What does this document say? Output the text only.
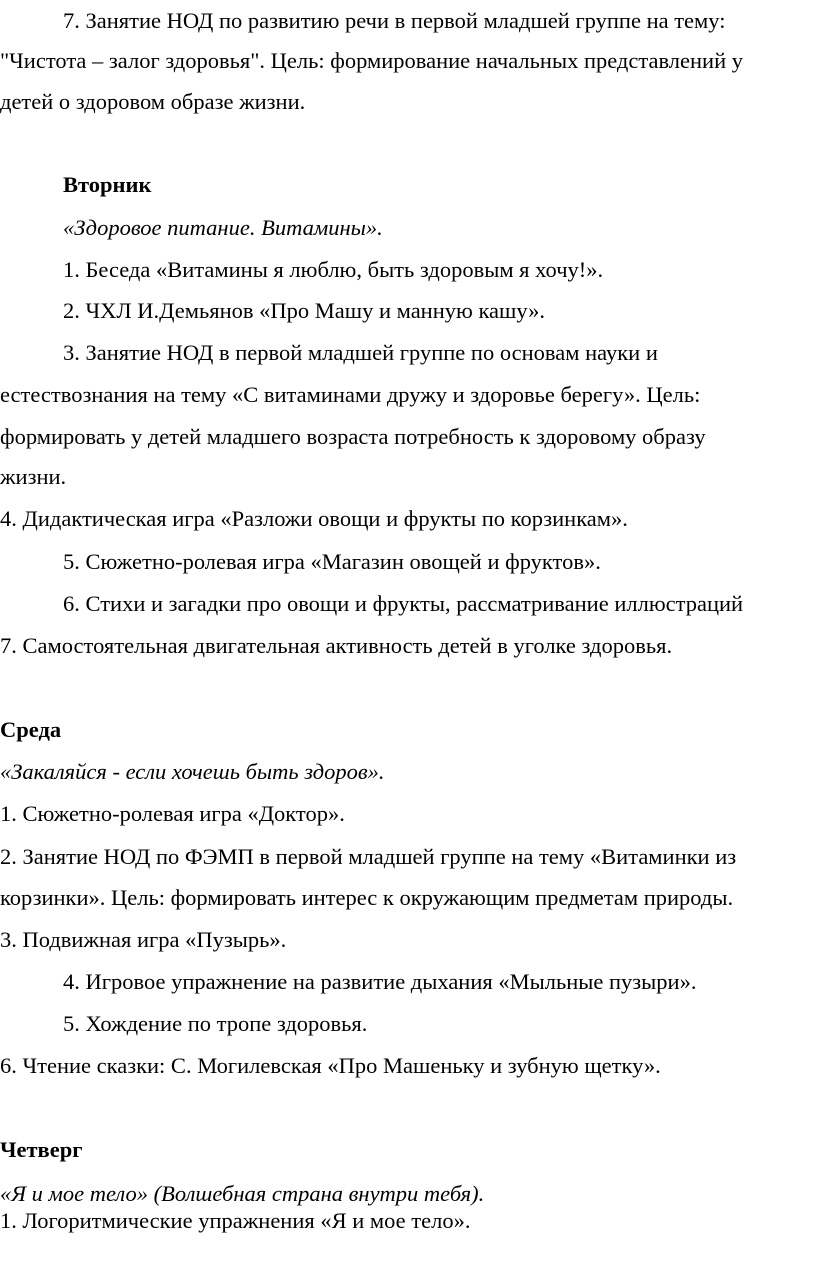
7. Занятие НОД по развитию речи в первой младшей группе на тему:
"Чистота – залог здоровья". Цель: формирование начальных представлений у
детей о здоровом образе жизни.
Вторник
«Здоровое питание. Витамины».
1. Беседа «Витамины я люблю, быть здоровым я хочу!».
2. ЧХЛ И.Демьянов «Про Машу и манную кашу».
3. Занятие НОД в первой младшей группе по основам науки и
естествознания на тему «С витаминами дружу и здоровье берегу». Цель:
формировать у детей младшего возраста потребность к здоровому образу
жизни.
4. Дидактическая игра «Разложи овощи и фрукты по корзинкам».
5. Сюжетно-ролевая игра «Магазин овощей и фруктов».
6. Стихи и загадки про овощи и фрукты, рассматривание иллюстраций
7. Самостоятельная двигательная активность детей в уголке здоровья.
Среда
«Закаляйся - если хочешь быть здоров».
1. Сюжетно-ролевая игра «Доктор».
2. Занятие НОД по ФЭМП в первой младшей группе на тему «Витаминки из
корзинки». Цель: формировать интерес к окружающим предметам природы.
3. Подвижная игра «Пузырь».
4. Игровое упражнение на развитие дыхания «Мыльные пузыри».
5. Хождение по тропе здоровья.
6. Чтение сказки: С. Могилевская «Про Машеньку и зубную щетку».
Четверг
«Я и мое тело» (Волшебная страна внутри тебя).
1. Логоритмические упражнения «Я и мое тело».
